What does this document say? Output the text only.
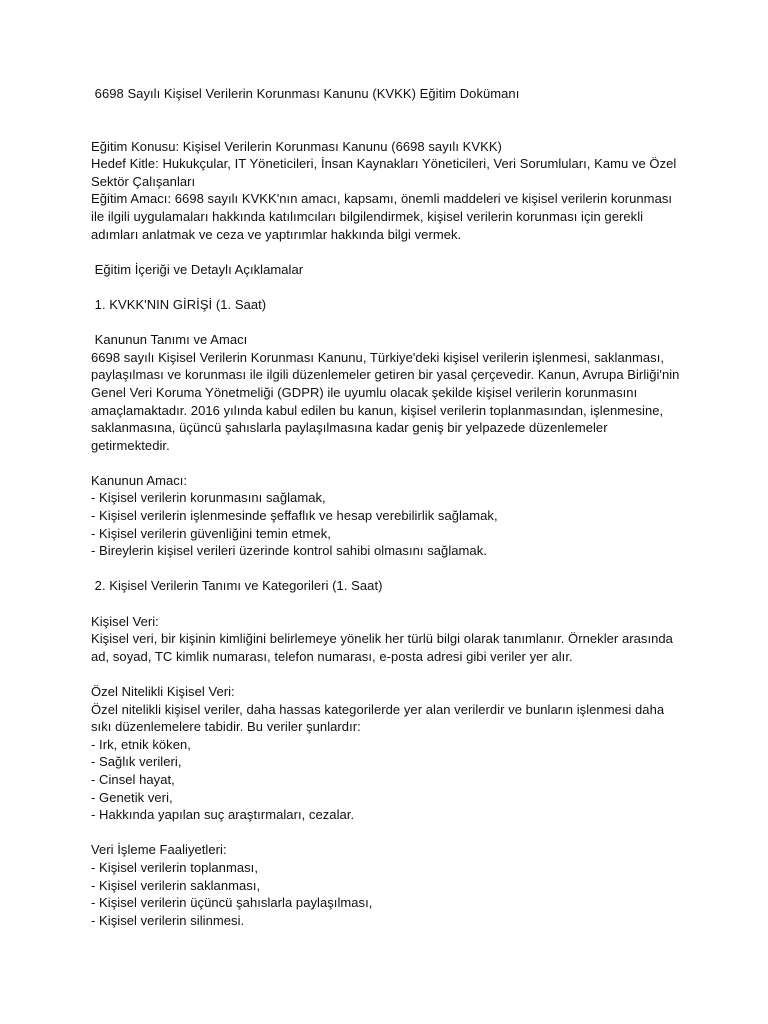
6698 Sayılı Kişisel Verilerin Korunması Kanunu (KVKK) Eğitim Dokümanı

Eğitim Konusu: Kişisel Verilerin Korunması Kanunu (6698 sayılı KVKK)

Hedef Kitle: Hukukçular, IT Yöneticileri, İnsan Kaynakları Yöneticileri, Veri Sorumluları, Kamu ve Özel Sektör Çalışanları

Eğitim Amacı: 6698 sayılı KVKK'nın amacı, kapsamı, önemli maddeleri ve kişisel verilerin korunması ile ilgili uygulamaları hakkında katılımcıları bilgilendirmek, kişisel verilerin korunması için gerekli adımları anlatmak ve ceza ve yaptırımlar hakkında bilgi vermek.

Eğitim İçeriği ve Detaylı Açıklamalar

1. KVKK'NIN GİRİŞİ (1. Saat)

Kanunun Tanımı ve Amacı

6698 sayılı Kişisel Verilerin Korunması Kanunu, Türkiye'deki kişisel verilerin işlenmesi, saklanması, paylaşılması ve korunması ile ilgili düzenlemeler getiren bir yasal çerçevedir. Kanun, Avrupa Birliği'nin Genel Veri Koruma Yönetmeliği (GDPR) ile uyumlu olacak şekilde kişisel verilerin korunmasını amaçlamaktadır. 2016 yılında kabul edilen bu kanun, kişisel verilerin toplanmasından, işlenmesine, saklanmasına, üçüncü şahıslarla paylaşılmasına kadar geniş bir yelpazede düzenlemeler getirmektedir.

Kanunun Amacı:

- Kişisel verilerin korunmasını sağlamak,
- Kişisel verilerin işlenmesinde şeffaflık ve hesap verebilirlik sağlamak,
- Kişisel verilerin güvenliğini temin etmek,
- Bireylerin kişisel verileri üzerinde kontrol sahibi olmasını sağlamak.

2. Kişisel Verilerin Tanımı ve Kategorileri (1. Saat)

Kişisel Veri:

Kişisel veri, bir kişinin kimliğini belirlemeye yönelik her türlü bilgi olarak tanımlanır. Örnekler arasında ad, soyad, TC kimlik numarası, telefon numarası, e-posta adresi gibi veriler yer alır.

Özel Nitelikli Kişisel Veri:

Özel nitelikli kişisel veriler, daha hassas kategorilerde yer alan verilerdir ve bunların işlenmesi daha sıkı düzenlemelere tabidir. Bu veriler şunlardır:

- Irk, etnik köken,
- Sağlık verileri,
- Cinsel hayat,
- Genetik veri,
- Hakkında yapılan suç araştırmaları, cezalar.

Veri İşleme Faaliyetleri:

- Kişisel verilerin toplanması,
- Kişisel verilerin saklanması,
- Kişisel verilerin üçüncü şahıslarla paylaşılması,
- Kişisel verilerin silinmesi.
